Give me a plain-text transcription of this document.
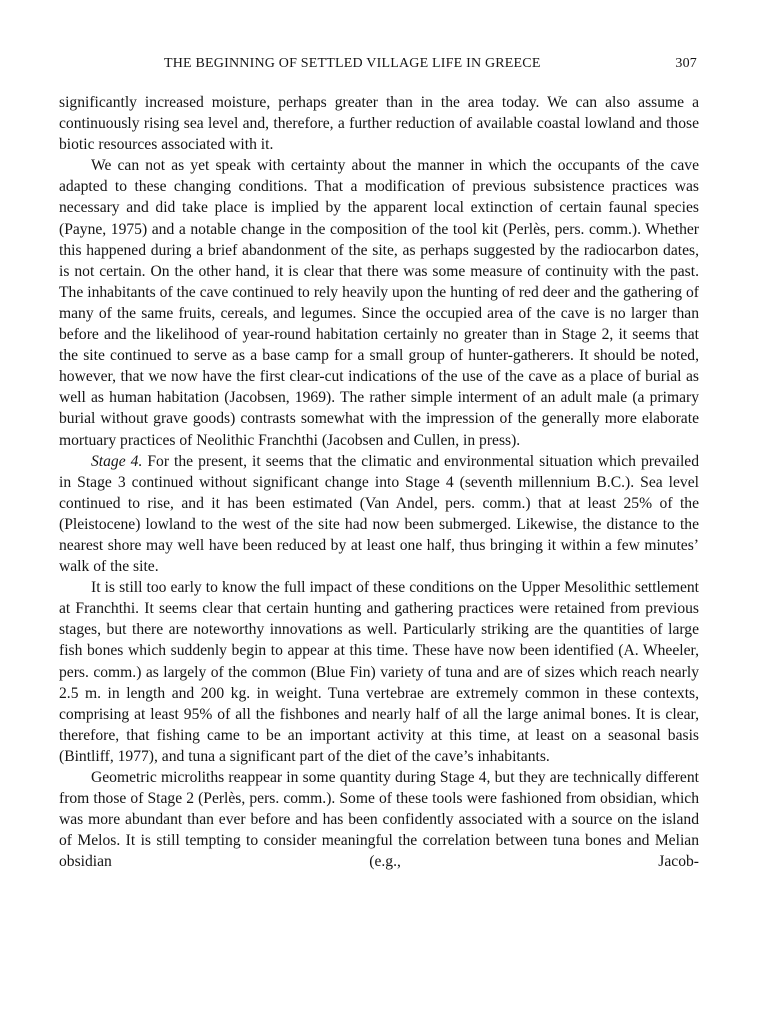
THE BEGINNING OF SETTLED VILLAGE LIFE IN GREECE	307

significantly increased moisture, perhaps greater than in the area today. We can also assume a continuously rising sea level and, therefore, a further reduction of available coastal lowland and those biotic resources associated with it.

We can not as yet speak with certainty about the manner in which the occupants of the cave adapted to these changing conditions. That a modification of previous subsistence practices was necessary and did take place is implied by the apparent local extinction of certain faunal species (Payne, 1975) and a notable change in the composition of the tool kit (Perlès, pers. comm.). Whether this happened during a brief abandonment of the site, as perhaps suggested by the radiocarbon dates, is not certain. On the other hand, it is clear that there was some measure of continuity with the past. The inhabitants of the cave continued to rely heavily upon the hunting of red deer and the gathering of many of the same fruits, cereals, and legumes. Since the occupied area of the cave is no larger than before and the likelihood of year-round habitation certainly no greater than in Stage 2, it seems that the site continued to serve as a base camp for a small group of hunter-gatherers. It should be noted, however, that we now have the first clear-cut indications of the use of the cave as a place of burial as well as human habitation (Jacobsen, 1969). The rather simple interment of an adult male (a primary burial without grave goods) contrasts somewhat with the impression of the generally more elaborate mortuary practices of Neolithic Franchthi (Jacobsen and Cullen, in press).

Stage 4. For the present, it seems that the climatic and environmental situation which prevailed in Stage 3 continued without significant change into Stage 4 (seventh millennium B.C.). Sea level continued to rise, and it has been estimated (Van Andel, pers. comm.) that at least 25% of the (Pleistocene) lowland to the west of the site had now been submerged. Likewise, the distance to the nearest shore may well have been reduced by at least one half, thus bringing it within a few minutes’ walk of the site.

It is still too early to know the full impact of these conditions on the Upper Mesolithic settlement at Franchthi. It seems clear that certain hunting and gathering practices were retained from previous stages, but there are noteworthy innovations as well. Particularly striking are the quantities of large fish bones which suddenly begin to appear at this time. These have now been identified (A. Wheeler, pers. comm.) as largely of the common (Blue Fin) variety of tuna and are of sizes which reach nearly 2.5 m. in length and 200 kg. in weight. Tuna vertebrae are extremely common in these contexts, comprising at least 95% of all the fishbones and nearly half of all the large animal bones. It is clear, therefore, that fishing came to be an important activity at this time, at least on a seasonal basis (Bintliff, 1977), and tuna a significant part of the diet of the cave’s inhabitants.

Geometric microliths reappear in some quantity during Stage 4, but they are technically different from those of Stage 2 (Perlès, pers. comm.). Some of these tools were fashioned from obsidian, which was more abundant than ever before and has been confidently associated with a source on the island of Melos. It is still tempting to consider meaningful the correlation between tuna bones and Melian obsidian (e.g., Jacob-
